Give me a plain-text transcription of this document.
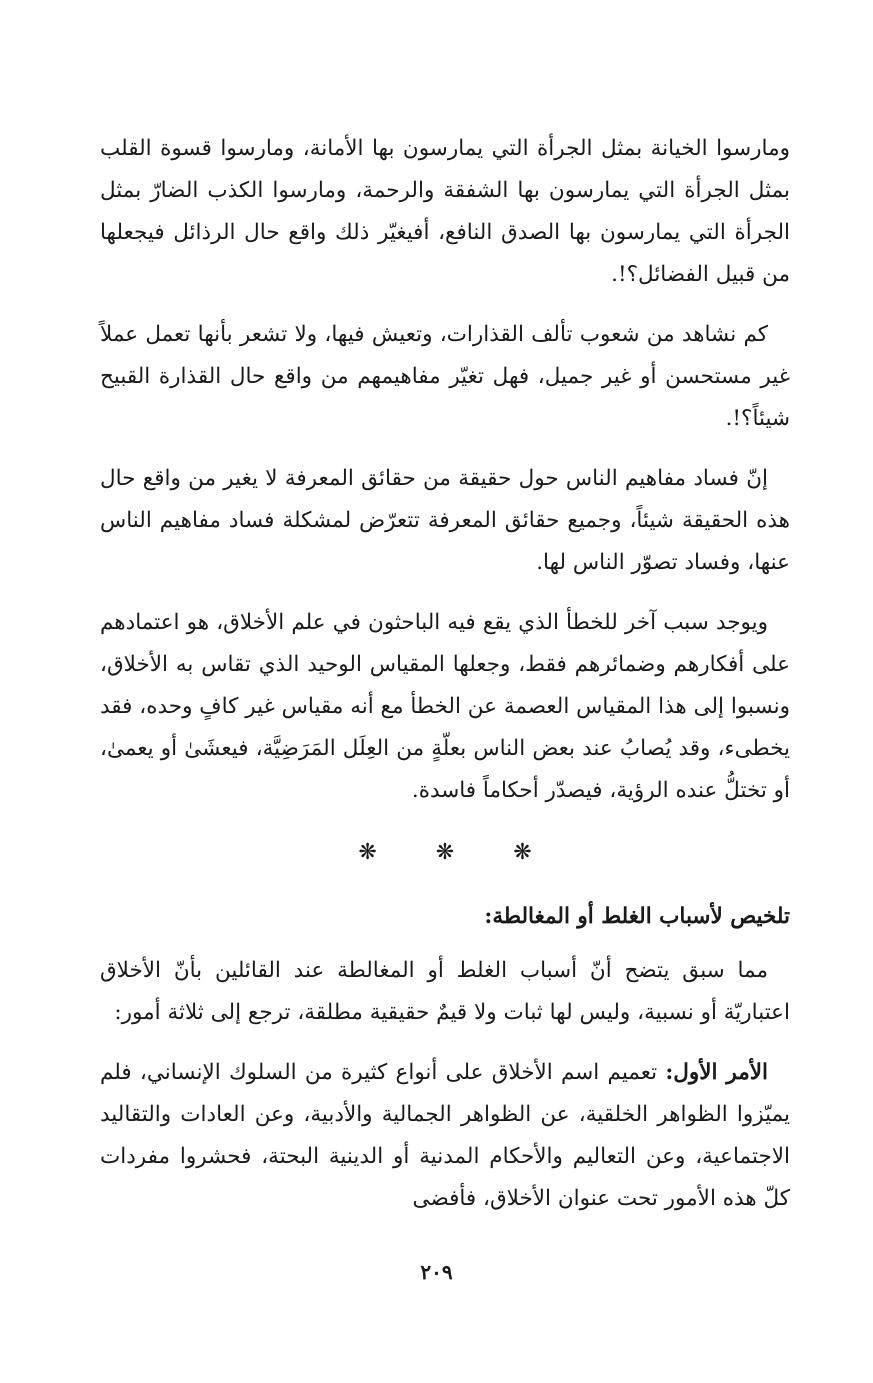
ومارسوا الخيانة بمثل الجرأة التي يمارسون بها الأمانة، ومارسوا قسوة القلب بمثل الجرأة التي يمارسون بها الشفقة والرحمة، ومارسوا الكذب الضارّ بمثل الجرأة التي يمارسون بها الصدق النافع، أفيغيّر ذلك واقع حال الرذائل فيجعلها من قبيل الفضائل؟!.

كم نشاهد من شعوب تألف القذارات، وتعيش فيها، ولا تشعر بأنها تعمل عملاً غير مستحسن أو غير جميل، فهل تغيّر مفاهيمهم من واقع حال القذارة القبيح شيئاً؟!.

إنّ فساد مفاهيم الناس حول حقيقة من حقائق المعرفة لا يغير من واقع حال هذه الحقيقة شيئاً، وجميع حقائق المعرفة تتعرّض لمشكلة فساد مفاهيم الناس عنها، وفساد تصوّر الناس لها.

ويوجد سبب آخر للخطأ الذي يقع فيه الباحثون في علم الأخلاق، هو اعتمادهم على أفكارهم وضمائرهم فقط، وجعلها المقياس الوحيد الذي تقاس به الأخلاق، ونسبوا إلى هذا المقياس العصمة عن الخطأ مع أنه مقياس غير كافٍ وحده، فقد يخطىء، وقد يُصابُ عند بعض الناس بعلّةٍ من العِلَل المَرَضِيَّة، فيعشَىٰ أو يعمىٰ، أو تختلُّ عنده الرؤية، فيصدّر أحكاماً فاسدة.

❋ ❋ ❋

تلخيص لأسباب الغلط أو المغالطة:

مما سبق يتضح أنّ أسباب الغلط أو المغالطة عند القائلين بأنّ الأخلاق اعتباريّة أو نسبية، وليس لها ثبات ولا قيمٌ حقيقية مطلقة، ترجع إلى ثلاثة أمور:

الأمر الأول: تعميم اسم الأخلاق على أنواع كثيرة من السلوك الإنساني، فلم يميّزوا الظواهر الخلقية، عن الظواهر الجمالية والأدبية، وعن العادات والتقاليد الاجتماعية، وعن التعاليم والأحكام المدنية أو الدينية البحتة، فحشروا مفردات كلّ هذه الأمور تحت عنوان الأخلاق، فأفضى

٢٠٩
